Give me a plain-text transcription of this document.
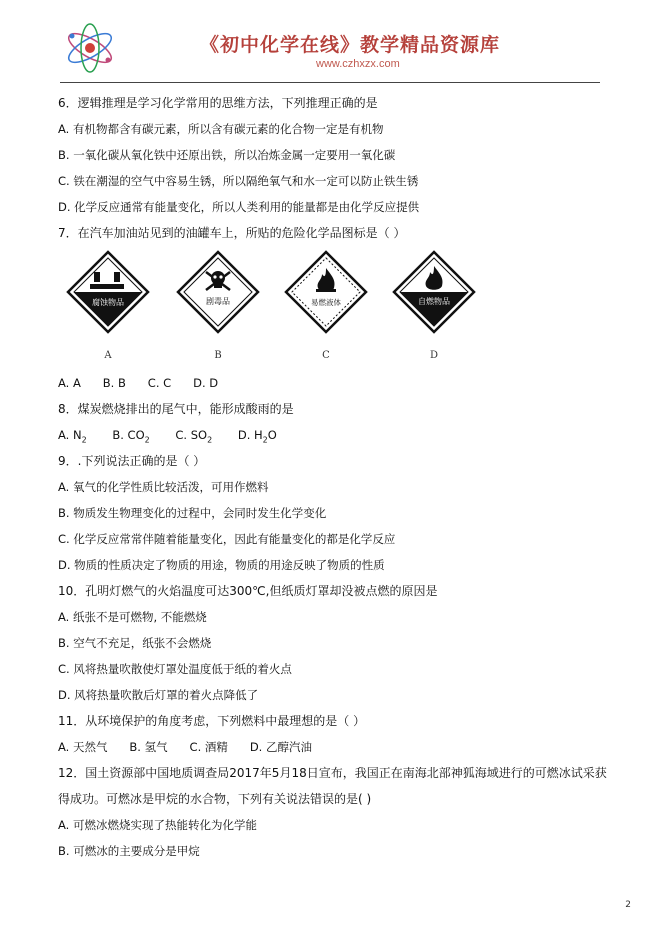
《初中化学在线》教学精品资源库
www.czhxzx.com
6．逻辑推理是学习化学常用的思维方法，下列推理正确的是
A. 有机物都含有碳元素，所以含有碳元素的化合物一定是有机物
B. 一氧化碳从氧化铁中还原出铁，所以冶炼金属一定要用一氧化碳
C. 铁在潮湿的空气中容易生锈，所以隔绝氧气和水一定可以防止铁生锈
D. 化学反应通常有能量变化，所以人类利用的能量都是由化学反应提供
7．在汽车加油站见到的油罐车上，所贴的危险化学品图标是（ ）
腐蚀物品	剧毒品	易燃液体	自燃物品
A	B	C	D
A. A      B. B      C. C      D. D
8．煤炭燃烧排出的尾气中，能形成酸雨的是
A. $N_2$ B. $CO_2$ C. $SO_2$ D. $H_2O$
9．.下列说法正确的是（ ）
A. 氧气的化学性质比较活泼，可用作燃料
B. 物质发生物理变化的过程中，会同时发生化学变化
C. 化学反应常常伴随着能量变化，因此有能量变化的都是化学反应
D. 物质的性质决定了物质的用途，物质的用途反映了物质的性质
10．孔明灯燃气的火焰温度可达300℃,但纸质灯罩却没被点燃的原因是
A. 纸张不是可燃物, 不能燃烧
B. 空气不充足，纸张不会燃烧
C. 风将热量吹散使灯罩处温度低于纸的着火点
D. 风将热量吹散后灯罩的着火点降低了
11．从环境保护的角度考虑，下列燃料中最理想的是（ ）
A. 天然气      B. 氢气      C. 酒精      D. 乙醇汽油
12．国土资源部中国地质调查局2017年5月18日宣布，我国正在南海北部神狐海域进行的可燃冰试采获
得成功。可燃冰是甲烷的水合物，下列有关说法错误的是( )
A. 可燃冰燃烧实现了热能转化为化学能
B. 可燃冰的主要成分是甲烷
2
